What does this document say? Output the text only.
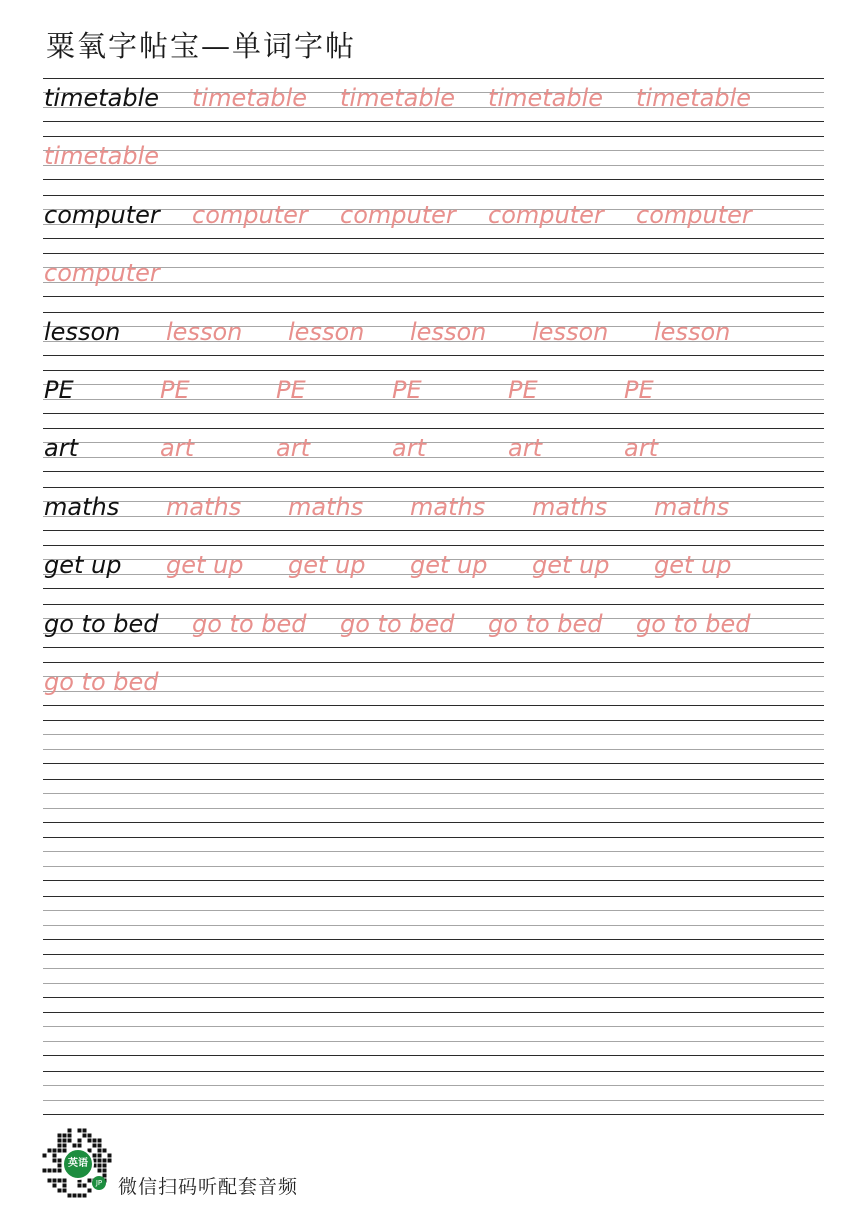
粟氧字帖宝—单词字帖
timetable timetable timetable timetable timetable
timetable
computer computer computer computer computer
computer
lesson lesson lesson lesson lesson lesson
PE	PE	PE	PE	PE	PE
art	art	art	art	art	art
maths maths maths maths maths maths
get up get up get up get up get up get up
go to bed go to bed go to bed go to bed go to bed
go to bed
英语
JP 微信扫码听配套音频
